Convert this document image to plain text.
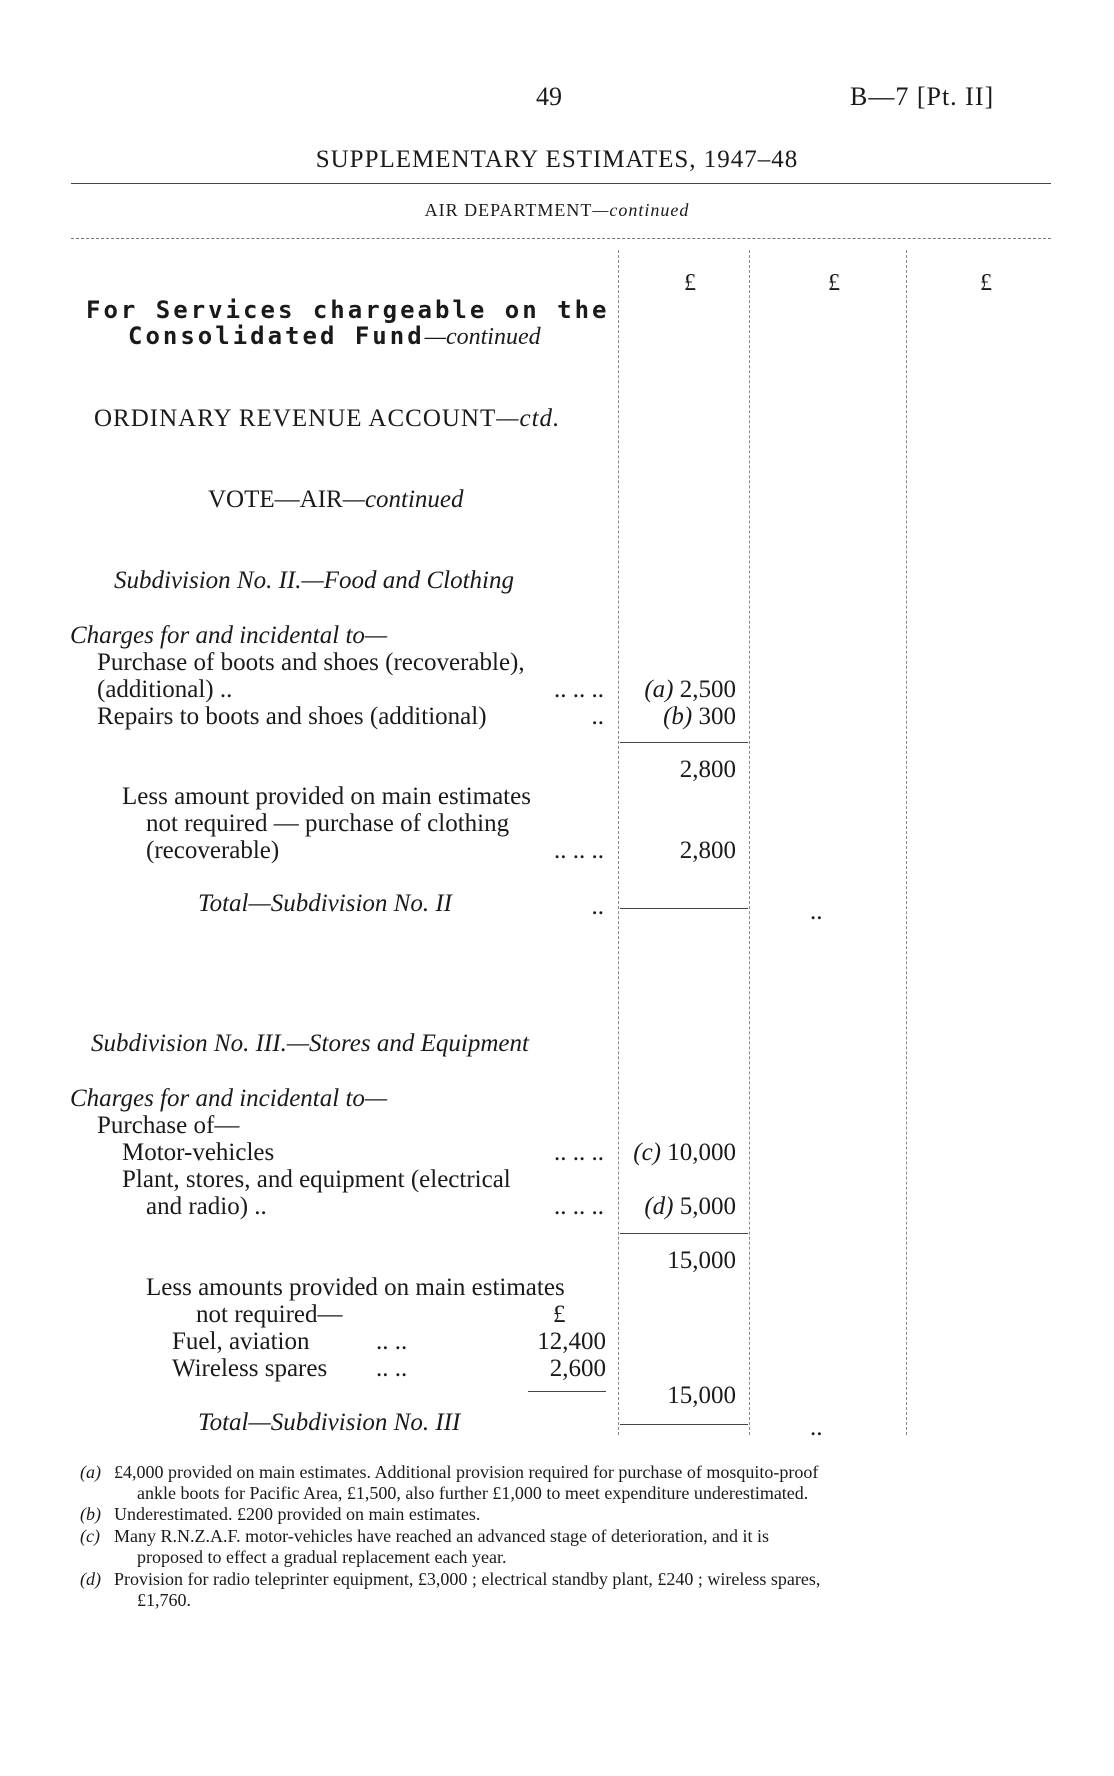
49	B—7 [Pt. II]
SUPPLEMENTARY ESTIMATES, 1947–48
AIR DEPARTMENT—continued
£	£	£
For Services chargeable on the
Consolidated Fund—continued
ORDINARY REVENUE ACCOUNT—ctd.
VOTE—AIR—continued
Subdivision No. II.—Food and Clothing
Charges for and incidental to—
Purchase of boots and shoes (recoverable),
(additional) ..	.. .. ..	(a) 2,500
Repairs to boots and shoes (additional)	..	(b) 300
2,800
Less amount provided on main estimates
not required — purchase of clothing
(recoverable)	.. .. ..	2,800
Total—Subdivision No. II	..	..
Subdivision No. III.—Stores and Equipment
Charges for and incidental to—
Purchase of—
Motor-vehicles	.. .. ..	(c) 10,000
Plant, stores, and equipment (electrical
and radio) ..	.. .. ..	(d) 5,000
15,000
Less amounts provided on main estimates
not required—	£
Fuel, aviation	.. ..	12,400
Wireless spares .. ..	2,600
15,000
Total—Subdivision No. III	..
(a) £4,000 provided on main estimates. Additional provision required for purchase of mosquito-proof
ankle boots for Pacific Area, £1,500, also further £1,000 to meet expenditure underestimated.
(b) Underestimated. £200 provided on main estimates.
(c) Many R.N.Z.A.F. motor-vehicles have reached an advanced stage of deterioration, and it is
proposed to effect a gradual replacement each year.
(d) Provision for radio teleprinter equipment, £3,000 ; electrical standby plant, £240 ; wireless spares,
£1,760.
